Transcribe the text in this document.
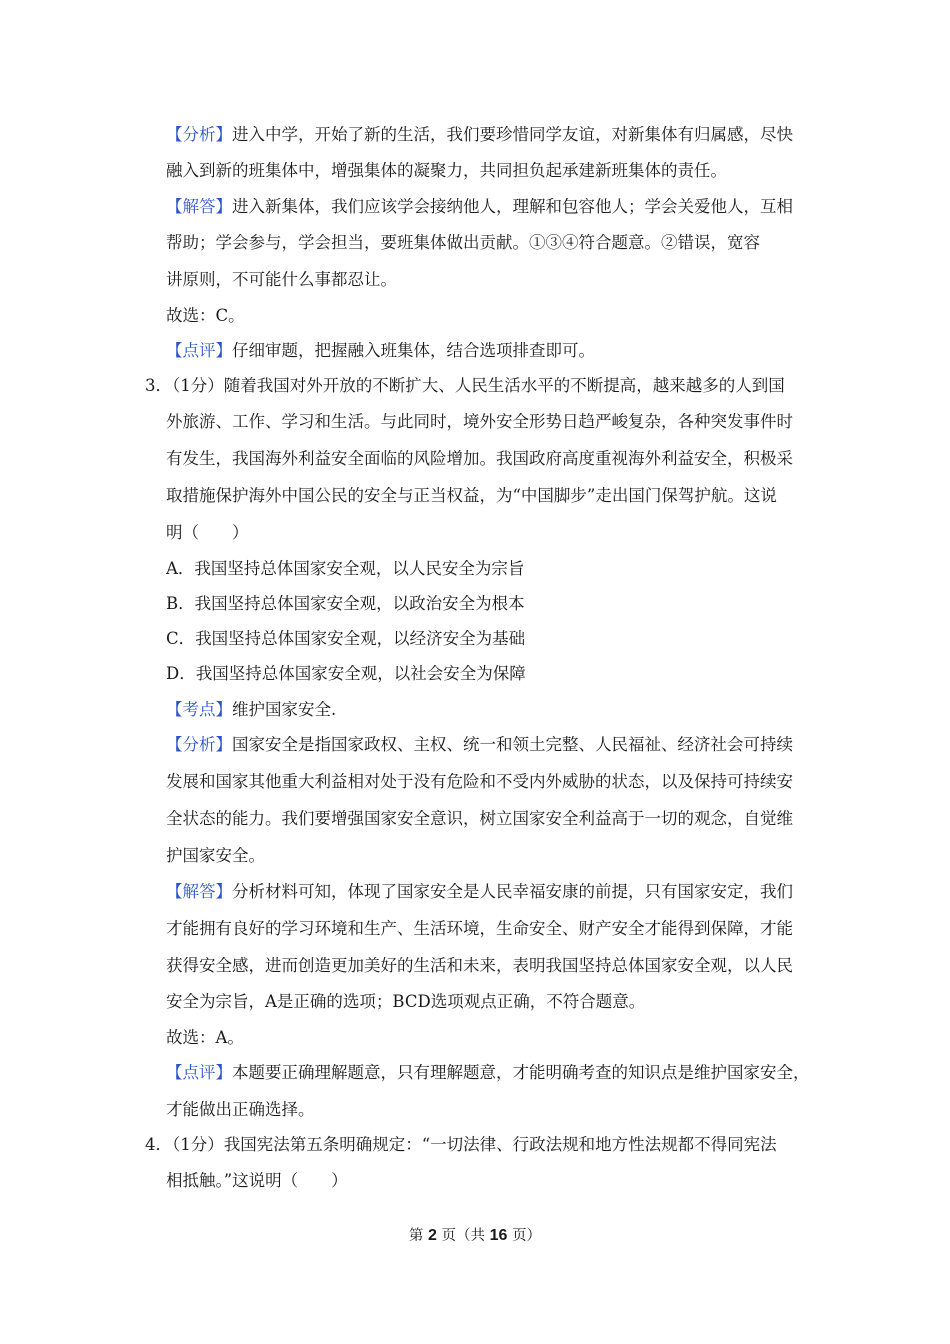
【分析】进入中学，开始了新的生活，我们要珍惜同学友谊，对新集体有归属感，尽快
融入到新的班集体中，增强集体的凝聚力，共同担负起承建新班集体的责任。
【解答】进入新集体，我们应该学会接纳他人，理解和包容他人；学会关爱他人，互相
帮助；学会参与，学会担当，要班集体做出贡献。①③④符合题意。②错误，宽容
讲原则，不可能什么事都忍让。
故选：C。
【点评】仔细审题，把握融入班集体，结合选项排查即可。
3．（1分）随着我国对外开放的不断扩大、人民生活水平的不断提高，越来越多的人到国
外旅游、工作、学习和生活。与此同时，境外安全形势日趋严峻复杂，各种突发事件时
有发生，我国海外利益安全面临的风险增加。我国政府高度重视海外利益安全，积极采
取措施保护海外中国公民的安全与正当权益，为“中国脚步”走出国门保驾护航。这说
明（　　）
A．我国坚持总体国家安全观，以人民安全为宗旨
B．我国坚持总体国家安全观，以政治安全为根本
C．我国坚持总体国家安全观，以经济安全为基础
D．我国坚持总体国家安全观，以社会安全为保障
【考点】维护国家安全.
【分析】国家安全是指国家政权、主权、统一和领土完整、人民福祉、经济社会可持续
发展和国家其他重大利益相对处于没有危险和不受内外威胁的状态，以及保持可持续安
全状态的能力。我们要增强国家安全意识，树立国家安全利益高于一切的观念，自觉维
护国家安全。
【解答】分析材料可知，体现了国家安全是人民幸福安康的前提，只有国家安定，我们
才能拥有良好的学习环境和生产、生活环境，生命安全、财产安全才能得到保障，才能
获得安全感，进而创造更加美好的生活和未来，表明我国坚持总体国家安全观，以人民
安全为宗旨，A是正确的选项；BCD选项观点正确，不符合题意。
故选：A。
【点评】本题要正确理解题意，只有理解题意，才能明确考查的知识点是维护国家安全，
才能做出正确选择。
4．（1分）我国宪法第五条明确规定：“一切法律、行政法规和地方性法规都不得同宪法
相抵触。”这说明（　　）
第 2 页（共 16 页）
